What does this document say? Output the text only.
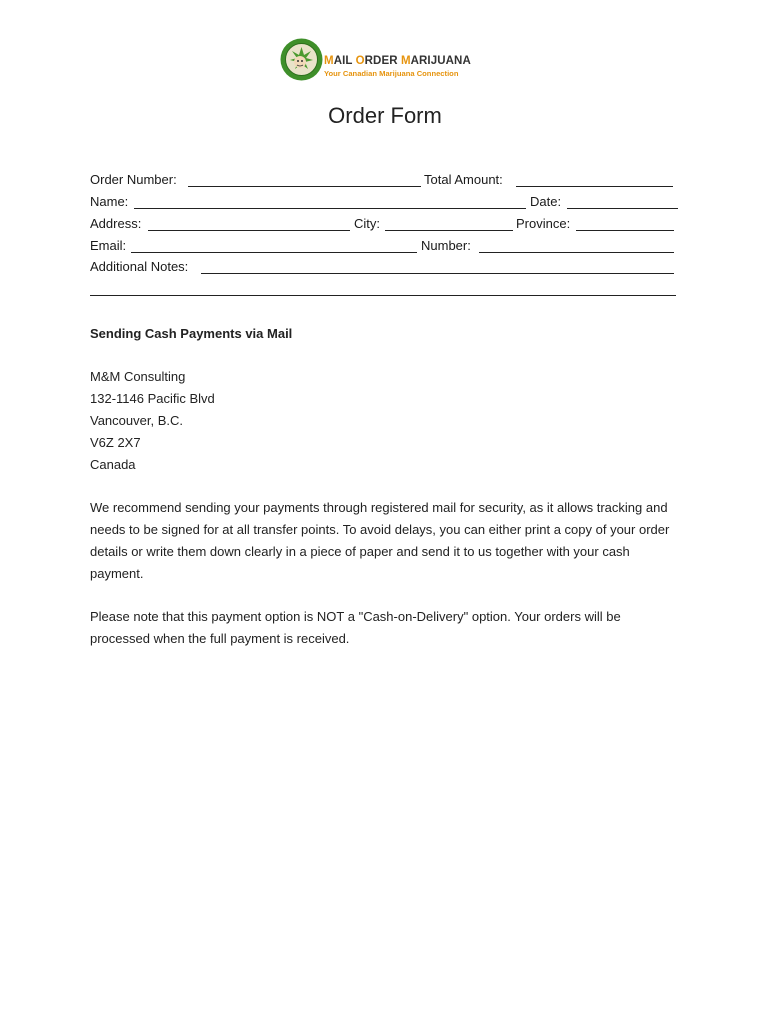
MAIL ORDER MARIJUANA
Your Canadian Marijuana Connection
Order Form
Order Number:	Total Amount:
Name:	Date:
Address:	City:	Province:
Email:	Number:
Additional Notes:
Sending Cash Payments via Mail
M&M Consulting
132-1146 Pacific Blvd
Vancouver, B.C.
V6Z 2X7
Canada
We recommend sending your payments through registered mail for security, as it allows tracking and needs to be signed for at all transfer points. To avoid delays, you can either print a copy of your order details or write them down clearly in a piece of paper and send it to us together with your cash payment.
Please note that this payment option is NOT a "Cash-on-Delivery" option. Your orders will be processed when the full payment is received.
